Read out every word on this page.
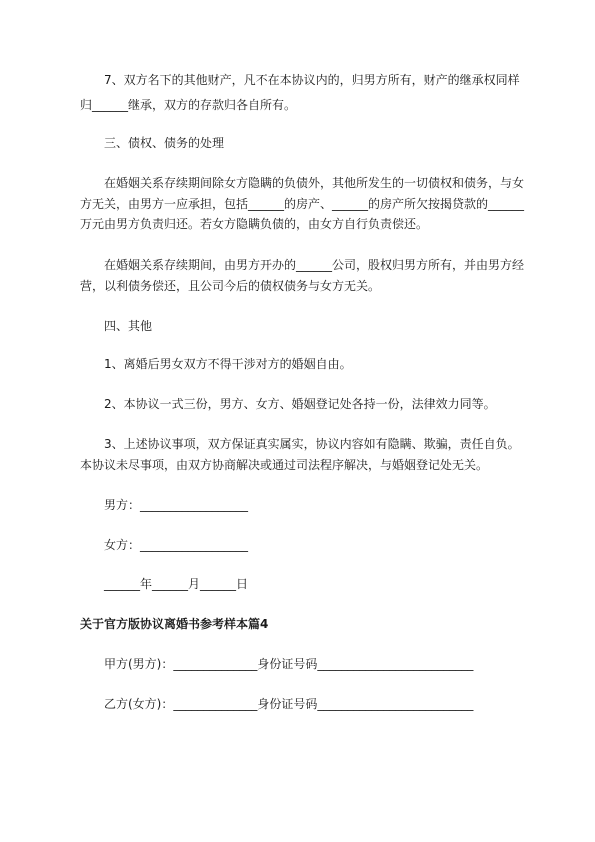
7、双方名下的其他财产，凡不在本协议内的，归男方所有，财产的继承权同样
归______继承，双方的存款归各自所有。
三、债权、债务的处理
在婚姻关系存续期间除女方隐瞒的负债外，其他所发生的一切债权和债务，与女
方无关，由男方一应承担，包括______的房产、______的房产所欠按揭贷款的______
万元由男方负责归还。若女方隐瞒负债的，由女方自行负责偿还。
在婚姻关系存续期间，由男方开办的______公司，股权归男方所有，并由男方经
营，以利债务偿还，且公司今后的债权债务与女方无关。
四、其他
1、离婚后男女双方不得干涉对方的婚姻自由。
2、本协议一式三份，男方、女方、婚姻登记处各持一份，法律效力同等。
3、上述协议事项，双方保证真实属实，协议内容如有隐瞒、欺骗，责任自负。
本协议未尽事项，由双方协商解决或通过司法程序解决，与婚姻登记处无关。
男方：__________________
女方：__________________
______年______月______日
关于官方版协议离婚书参考样本篇4
甲方(男方)：______________身份证号码__________________________
乙方(女方)：______________身份证号码__________________________
